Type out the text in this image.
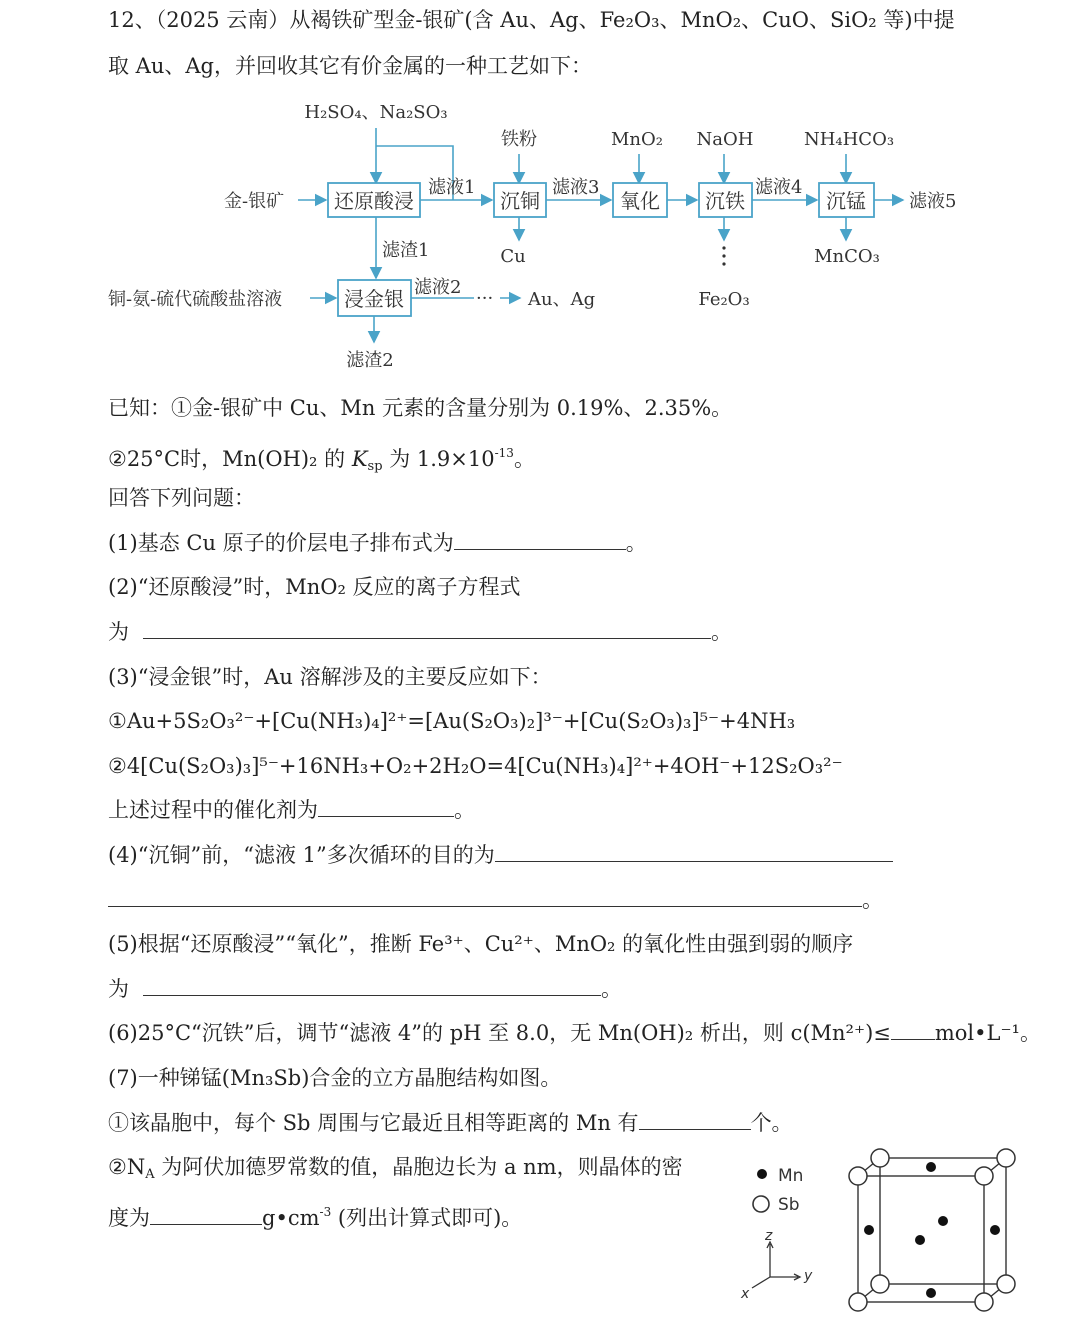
12、（2025 云南）从褐铁矿型金-银矿(含 Au、Ag、Fe₂O₃、MnO₂、CuO、SiO₂ 等)中提
取 Au、Ag，并回收其它有价金属的一种工艺如下：
还原酸浸	沉铜	氧化 沉铁	沉锰
浸金银
H₂SO₄、Na₂SO₃
铁粉	MnO₂ NaOH	NH₄HCO₃
金-银矿
滤液1	滤液3	滤液4
滤液5
滤渣1	Cu
Fe₂O₃
MnCO₃
铜-氨-硫代硫酸盐溶液
滤液2
··· Au、Ag
滤渣2
已知：①金-银矿中 Cu、Mn 元素的含量分别为 0.19%、2.35%。
②25°C时，Mn(OH)₂ 的 $K_{sp}$ 为 $1.9\times 10^{-13}$。
回答下列问题：
(1)基态 Cu 原子的价层电子排布式为	。
(2)“还原酸浸”时，MnO₂ 反应的离子方程式
为	。
(3)“浸金银”时，Au 溶解涉及的主要反应如下：
①Au+5S₂O₃²⁻+[Cu(NH₃)₄]²⁺=[Au(S₂O₃)₂]³⁻+[Cu(S₂O₃)₃]⁵⁻+4NH₃
②4[Cu(S₂O₃)₃]⁵⁻+16NH₃+O₂+2H₂O=4[Cu(NH₃)₄]²⁺+4OH⁻+12S₂O₃²⁻
上述过程中的催化剂为	。
(4)“沉铜”前，“滤液 1”多次循环的目的为
。
(5)根据“还原酸浸”“氧化”，推断 Fe³⁺、Cu²⁺、MnO₂ 的氧化性由强到弱的顺序
为	。
(6)25°C“沉铁”后，调节“滤液 4”的 pH 至 8.0，无 Mn(OH)₂ 析出，则 c(Mn²⁺)≤ mol•L⁻¹。
(7)一种锑锰(Mn₃Sb)合金的立方晶胞结构如图。
①该晶胞中，每个 Sb 周围与它最近且相等距离的 Mn 有	个。
$②N_A$ 为阿伏加德罗常数的值，晶胞边长为 a nm，则晶体的密
度为	$g•cm^{-3}$ (列出计算式即可)。
Mn
Sb
z
y
x
